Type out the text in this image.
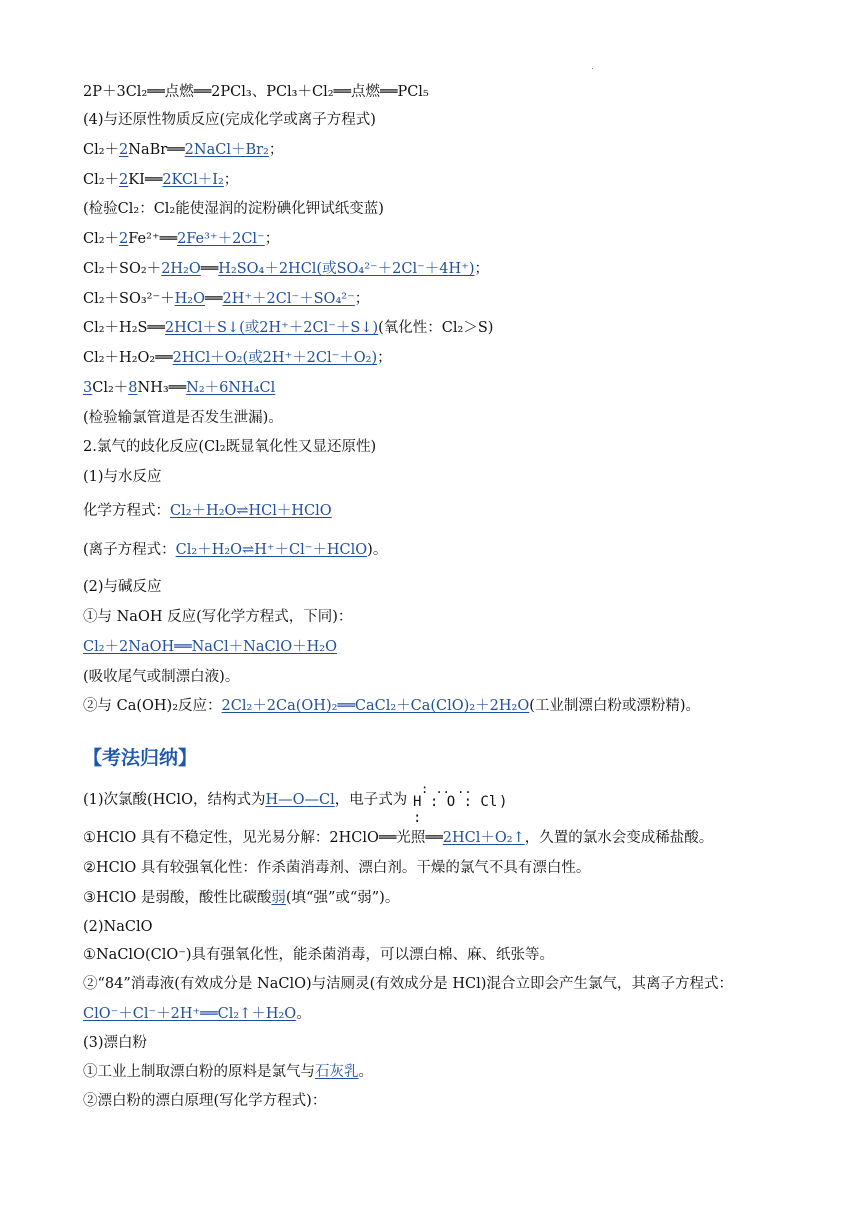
【考法归纳】
: .. ..
H : O : Cl :
)
2P＋3Cl₂══点燃══2PCl₃、PCl₃＋Cl₂══点燃══PCl₅
(4)与还原性物质反应(完成化学或离子方程式)
Cl₂＋2NaBr══2NaCl＋Br₂；
Cl₂＋2KI══2KCl＋I₂；
(检验Cl₂：Cl₂能使湿润的淀粉碘化钾试纸变蓝)
Cl₂＋2Fe²⁺══2Fe³⁺＋2Cl⁻；
Cl₂＋SO₂＋2H₂O══H₂SO₄＋2HCl(或SO₄²⁻＋2Cl⁻＋4H⁺)；
Cl₂＋SO₃²⁻＋H₂O══2H⁺＋2Cl⁻＋SO₄²⁻；
Cl₂＋H₂S══2HCl＋S↓(或2H⁺＋2Cl⁻＋S↓)(氧化性：Cl₂＞S)
Cl₂＋H₂O₂══2HCl＋O₂(或2H⁺＋2Cl⁻＋O₂)；
3Cl₂＋8NH₃══N₂＋6NH₄Cl
(检验输氯管道是否发生泄漏)。
2.氯气的歧化反应(Cl₂既显氧化性又显还原性)
(1)与水反应
化学方程式：Cl₂＋H₂O⇌HCl＋HClO
(离子方程式：Cl₂＋H₂O⇌H⁺＋Cl⁻＋HClO)。
(2)与碱反应
①与 NaOH 反应(写化学方程式，下同)：
Cl₂＋2NaOH══NaCl＋NaClO＋H₂O
(吸收尾气或制漂白液)。
②与 Ca(OH)₂反应：2Cl₂＋2Ca(OH)₂══CaCl₂＋Ca(ClO)₂＋2H₂O(工业制漂白粉或漂粉精)。
(1)次氯酸(HClO，结构式为H—O—Cl，电子式为
①HClO 具有不稳定性，见光易分解：2HClO══光照══2HCl＋O₂↑，久置的氯水会变成稀盐酸。
②HClO 具有较强氧化性：作杀菌消毒剂、漂白剂。干燥的氯气不具有漂白性。
③HClO 是弱酸，酸性比碳酸弱(填“强”或“弱”)。
(2)NaClO
①NaClO(ClO⁻)具有强氧化性，能杀菌消毒，可以漂白棉、麻、纸张等。
②“84”消毒液(有效成分是 NaClO)与洁厕灵(有效成分是 HCl)混合立即会产生氯气，其离子方程式：
ClO⁻＋Cl⁻＋2H⁺══Cl₂↑＋H₂O。
(3)漂白粉
①工业上制取漂白粉的原料是氯气与石灰乳。
②漂白粉的漂白原理(写化学方程式)：
